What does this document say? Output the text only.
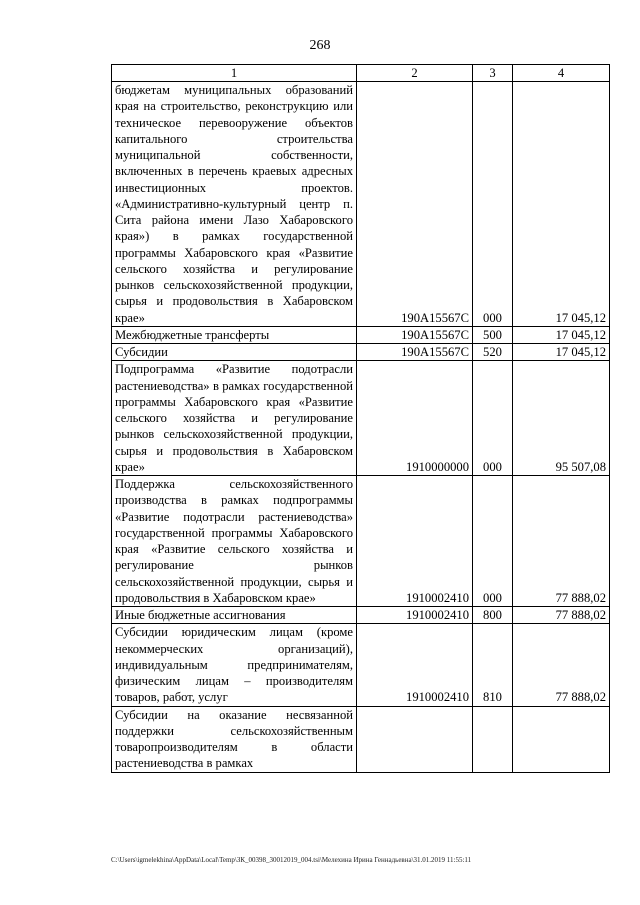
268
1	2	3	4
бюджетам муниципальных образований края на строительство, реконструкцию или техническое перевооружение объектов капитального строительства муниципальной собственности, включенных в перечень краевых адресных инвестиционных проектов. «Административно-культурный центр п. Сита района имени Лазо Хабаровского края») в рамках государственной программы Хабаровского края «Развитие сельского хозяйства и регулирование рынков сельскохозяйственной продукции, сырья и продовольствия в Хабаровском крае»	190А15567С	000	17 045,12
Межбюджетные трансферты	190А15567С	500	17 045,12
Субсидии	190А15567С	520	17 045,12
Подпрограмма «Развитие подотрасли растениеводства» в рамках государственной программы Хабаровского края «Развитие сельского хозяйства и регулирование рынков сельскохозяйственной продукции, сырья и продовольствия в Хабаровском крае»	1910000000	000	95 507,08
Поддержка сельскохозяйственного производства в рамках подпрограммы «Развитие подотрасли растениеводства» государственной программы Хабаровского края «Развитие сельского хозяйства и регулирование рынков сельскохозяйственной продукции, сырья и продовольствия в Хабаровском крае»	1910002410	000	77 888,02
Иные бюджетные ассигнования	1910002410	800	77 888,02
Субсидии юридическим лицам (кроме некоммерческих организаций), индивидуальным предпринимателям, физическим лицам – производителям товаров, работ, услуг	1910002410	810	77 888,02
Субсидии на оказание несвязанной поддержки сельскохозяйственным товаропроизводителям в области растениеводства в рамках			
C:\Users\igmelekhina\AppData\Local\Temp\ЗК_00398_30012019_004.tsi\Мелехина Ирина Геннадьевна\31.01.2019 11:55:11
